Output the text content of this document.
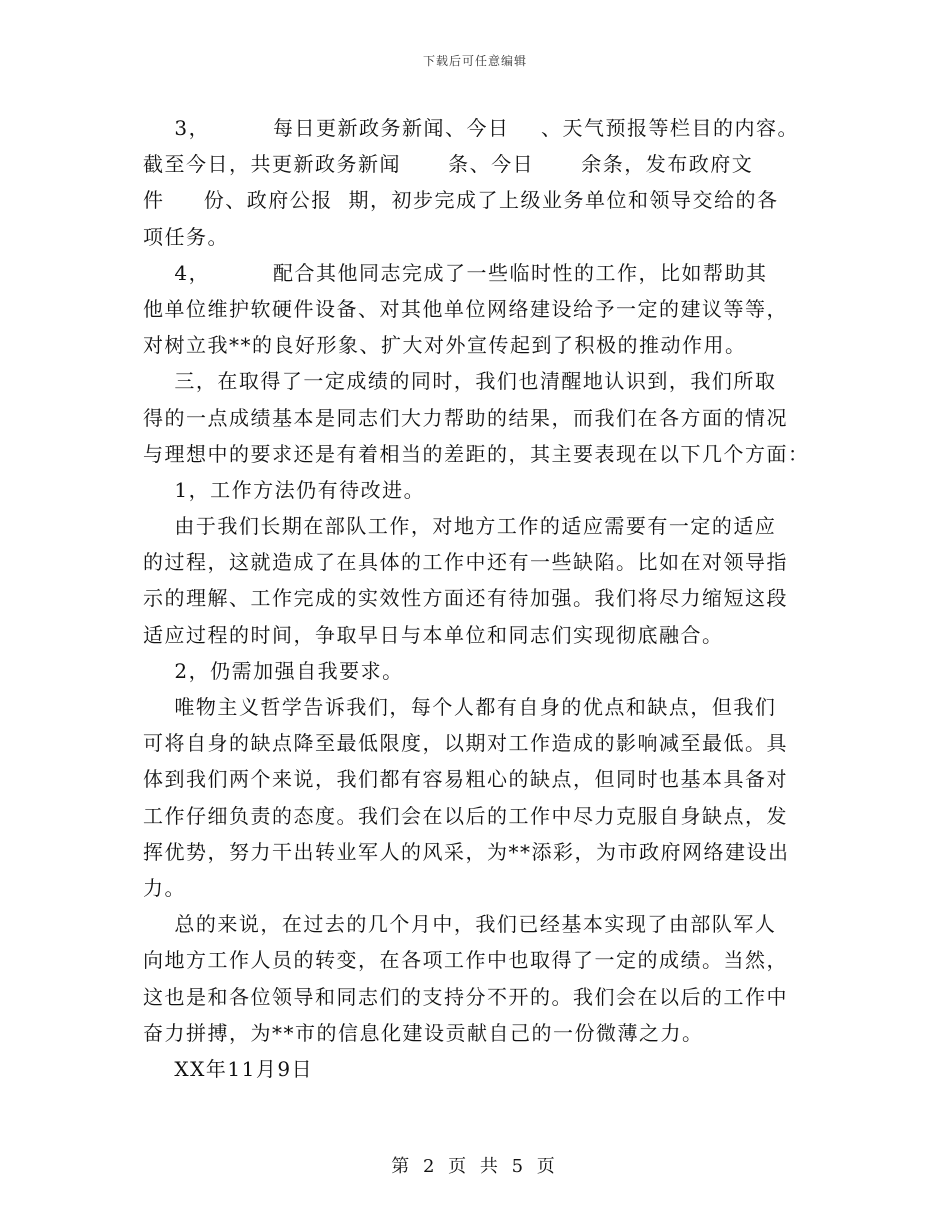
下载后可任意编辑
3，        每日更新政务新闻、今日    、天气预报等栏目的内容。
截至今日，共更新政务新闻      条、今日      余条，发布政府文
件     份、政府公报  期，初步完成了上级业务单位和领导交给的各
项任务。
4，        配合其他同志完成了一些临时性的工作，比如帮助其
他单位维护软硬件设备、对其他单位网络建设给予一定的建议等等，
对树立我**的良好形象、扩大对外宣传起到了积极的推动作用。
三，在取得了一定成绩的同时，我们也清醒地认识到，我们所取
得的一点成绩基本是同志们大力帮助的结果，而我们在各方面的情况
与理想中的要求还是有着相当的差距的，其主要表现在以下几个方面：
1，工作方法仍有待改进。
由于我们长期在部队工作，对地方工作的适应需要有一定的适应
的过程，这就造成了在具体的工作中还有一些缺陷。比如在对领导指
示的理解、工作完成的实效性方面还有待加强。我们将尽力缩短这段
适应过程的时间，争取早日与本单位和同志们实现彻底融合。
2，仍需加强自我要求。
唯物主义哲学告诉我们，每个人都有自身的优点和缺点，但我们
可将自身的缺点降至最低限度，以期对工作造成的影响减至最低。具
体到我们两个来说，我们都有容易粗心的缺点，但同时也基本具备对
工作仔细负责的态度。我们会在以后的工作中尽力克服自身缺点，发
挥优势，努力干出转业军人的风采，为**添彩，为市政府网络建设出
力。
总的来说，在过去的几个月中，我们已经基本实现了由部队军人
向地方工作人员的转变，在各项工作中也取得了一定的成绩。当然，
这也是和各位领导和同志们的支持分不开的。我们会在以后的工作中
奋力拼搏，为**市的信息化建设贡献自己的一份微薄之力。
XX年11月9日
第 2 页 共 5 页
